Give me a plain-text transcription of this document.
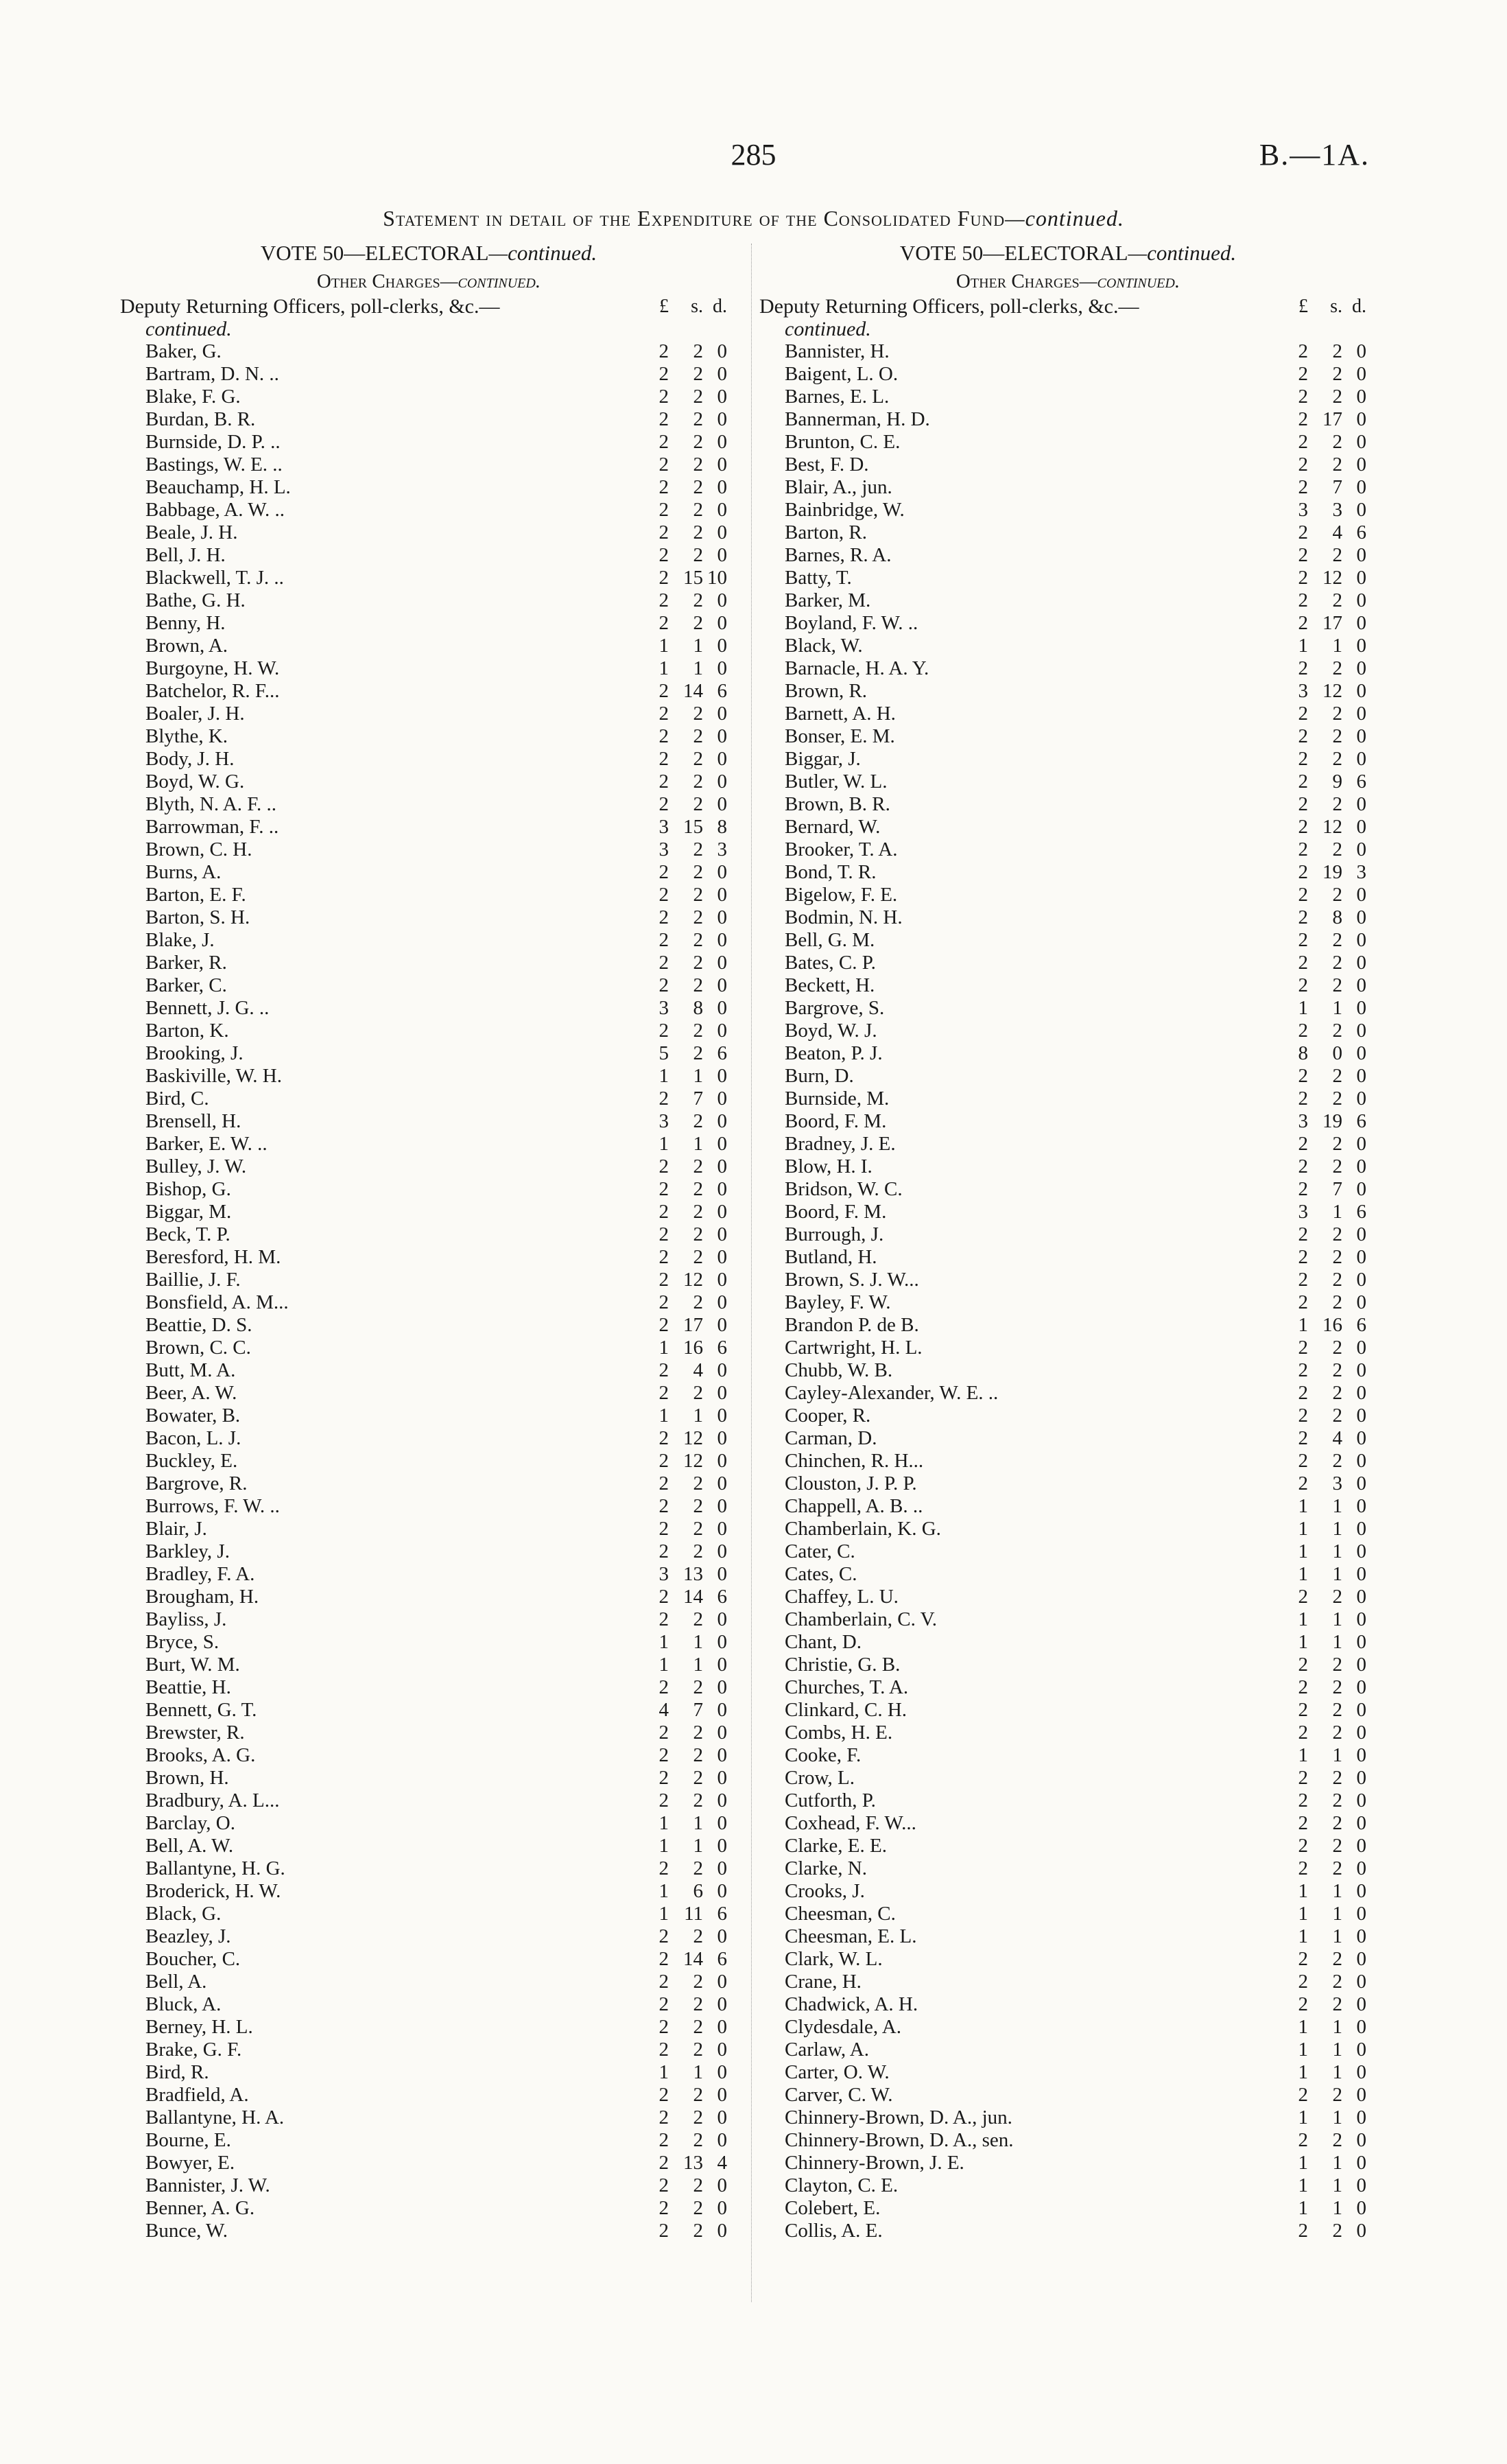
285	B.—1A.
Statement in detail of the Expenditure of the Consolidated Fund—continued.
VOTE 50—ELECTORAL—continued.
Other Charges—continued.
Deputy Returning Officers, poll-clerks, &c.—
continued.
£	s. d.
Baker, G.	2	2 0
Bartram, D. N. ..	2	2 0
Blake, F. G.	2	2 0
Burdan, B. R.	2	2 0
Burnside, D. P. ..	2	2 0
Bastings, W. E. ..	2	2 0
Beauchamp, H. L.	2	2 0
Babbage, A. W. ..	2	2 0
Beale, J. H.	2	2 0
Bell, J. H.	2	2 0
Blackwell, T. J. ..	2 15 10
Bathe, G. H.	2	2 0
Benny, H.	2	2 0
Brown, A.	1	1 0
Burgoyne, H. W.	1	1 0
Batchelor, R. F...	2 14 6
Boaler, J. H.	2	2 0
Blythe, K.	2	2 0
Body, J. H.	2	2 0
Boyd, W. G.	2	2 0
Blyth, N. A. F. ..	2	2 0
Barrowman, F. ..	3 15 8
Brown, C. H.	3	2 3
Burns, A.	2	2 0
Barton, E. F.	2	2 0
Barton, S. H.	2	2 0
Blake, J.	2	2 0
Barker, R.	2	2 0
Barker, C.	2	2 0
Bennett, J. G. ..	3	8 0
Barton, K.	2	2 0
Brooking, J.	5	2 6
Baskiville, W. H.	1	1 0
Bird, C.	2	7 0
Brensell, H.	3	2 0
Barker, E. W. ..	1	1 0
Bulley, J. W.	2	2 0
Bishop, G.	2	2 0
Biggar, M.	2	2 0
Beck, T. P.	2	2 0
Beresford, H. M.	2	2 0
Baillie, J. F.	2 12 0
Bonsfield, A. M...	2	2 0
Beattie, D. S.	2 17 0
Brown, C. C.	1 16 6
Butt, M. A.	2	4 0
Beer, A. W.	2	2 0
Bowater, B.	1	1 0
Bacon, L. J.	2 12 0
Buckley, E.	2 12 0
Bargrove, R.	2	2 0
Burrows, F. W. ..	2	2 0
Blair, J.	2	2 0
Barkley, J.	2	2 0
Bradley, F. A.	3 13 0
Brougham, H.	2 14 6
Bayliss, J.	2	2 0
Bryce, S.	1	1 0
Burt, W. M.	1	1 0
Beattie, H.	2	2 0
Bennett, G. T.	4	7 0
Brewster, R.	2	2 0
Brooks, A. G.	2	2 0
Brown, H.	2	2 0
Bradbury, A. L...	2	2 0
Barclay, O.	1	1 0
Bell, A. W.	1	1 0
Ballantyne, H. G.	2	2 0
Broderick, H. W.	1	6 0
Black, G.	1 11 6
Beazley, J.	2	2 0
Boucher, C.	2 14 6
Bell, A.	2	2 0
Bluck, A.	2	2 0
Berney, H. L.	2	2 0
Brake, G. F.	2	2 0
Bird, R.	1	1 0
Bradfield, A.	2	2 0
Ballantyne, H. A.	2	2 0
Bourne, E.	2	2 0
Bowyer, E.	2 13 4
Bannister, J. W.	2	2 0
Benner, A. G.	2	2 0
Bunce, W.	2	2 0
VOTE 50—ELECTORAL—continued.
Other Charges—continued.
Deputy Returning Officers, poll-clerks, &c.—
continued.
£	s. d.
Bannister, H.	2	2 0
Baigent, L. O.	2	2 0
Barnes, E. L.	2	2 0
Bannerman, H. D.	2 17 0
Brunton, C. E.	2	2 0
Best, F. D.	2	2 0
Blair, A., jun.	2	7 0
Bainbridge, W.	3	3 0
Barton, R.	2	4 6
Barnes, R. A.	2	2 0
Batty, T.	2 12 0
Barker, M.	2	2 0
Boyland, F. W. ..	2 17 0
Black, W.	1	1 0
Barnacle, H. A. Y.	2	2 0
Brown, R.	3 12 0
Barnett, A. H.	2	2 0
Bonser, E. M.	2	2 0
Biggar, J.	2	2 0
Butler, W. L.	2	9 6
Brown, B. R.	2	2 0
Bernard, W.	2 12 0
Brooker, T. A.	2	2 0
Bond, T. R.	2 19 3
Bigelow, F. E.	2	2 0
Bodmin, N. H.	2	8 0
Bell, G. M.	2	2 0
Bates, C. P.	2	2 0
Beckett, H.	2	2 0
Bargrove, S.	1	1 0
Boyd, W. J.	2	2 0
Beaton, P. J.	8	0 0
Burn, D.	2	2 0
Burnside, M.	2	2 0
Boord, F. M.	3 19 6
Bradney, J. E.	2	2 0
Blow, H. I.	2	2 0
Bridson, W. C.	2	7 0
Boord, F. M.	3	1 6
Burrough, J.	2	2 0
Butland, H.	2	2 0
Brown, S. J. W...	2	2 0
Bayley, F. W.	2	2 0
Brandon P. de B.	1 16 6
Cartwright, H. L.	2	2 0
Chubb, W. B.	2	2 0
Cayley-Alexander, W. E. ..	2	2 0
Cooper, R.	2	2 0
Carman, D.	2	4 0
Chinchen, R. H...	2	2 0
Clouston, J. P. P.	2	3 0
Chappell, A. B. ..	1	1 0
Chamberlain, K. G.	1	1 0
Cater, C.	1	1 0
Cates, C.	1	1 0
Chaffey, L. U.	2	2 0
Chamberlain, C. V.	1	1 0
Chant, D.	1	1 0
Christie, G. B.	2	2 0
Churches, T. A.	2	2 0
Clinkard, C. H.	2	2 0
Combs, H. E.	2	2 0
Cooke, F.	1	1 0
Crow, L.	2	2 0
Cutforth, P.	2	2 0
Coxhead, F. W...	2	2 0
Clarke, E. E.	2	2 0
Clarke, N.	2	2 0
Crooks, J.	1	1 0
Cheesman, C.	1	1 0
Cheesman, E. L.	1	1 0
Clark, W. L.	2	2 0
Crane, H.	2	2 0
Chadwick, A. H.	2	2 0
Clydesdale, A.	1	1 0
Carlaw, A.	1	1 0
Carter, O. W.	1	1 0
Carver, C. W.	2	2 0
Chinnery-Brown, D. A., jun.	1	1 0
Chinnery-Brown, D. A., sen.	2	2 0
Chinnery-Brown, J. E.	1	1 0
Clayton, C. E.	1	1 0
Colebert, E.	1	1 0
Collis, A. E.	2	2 0
